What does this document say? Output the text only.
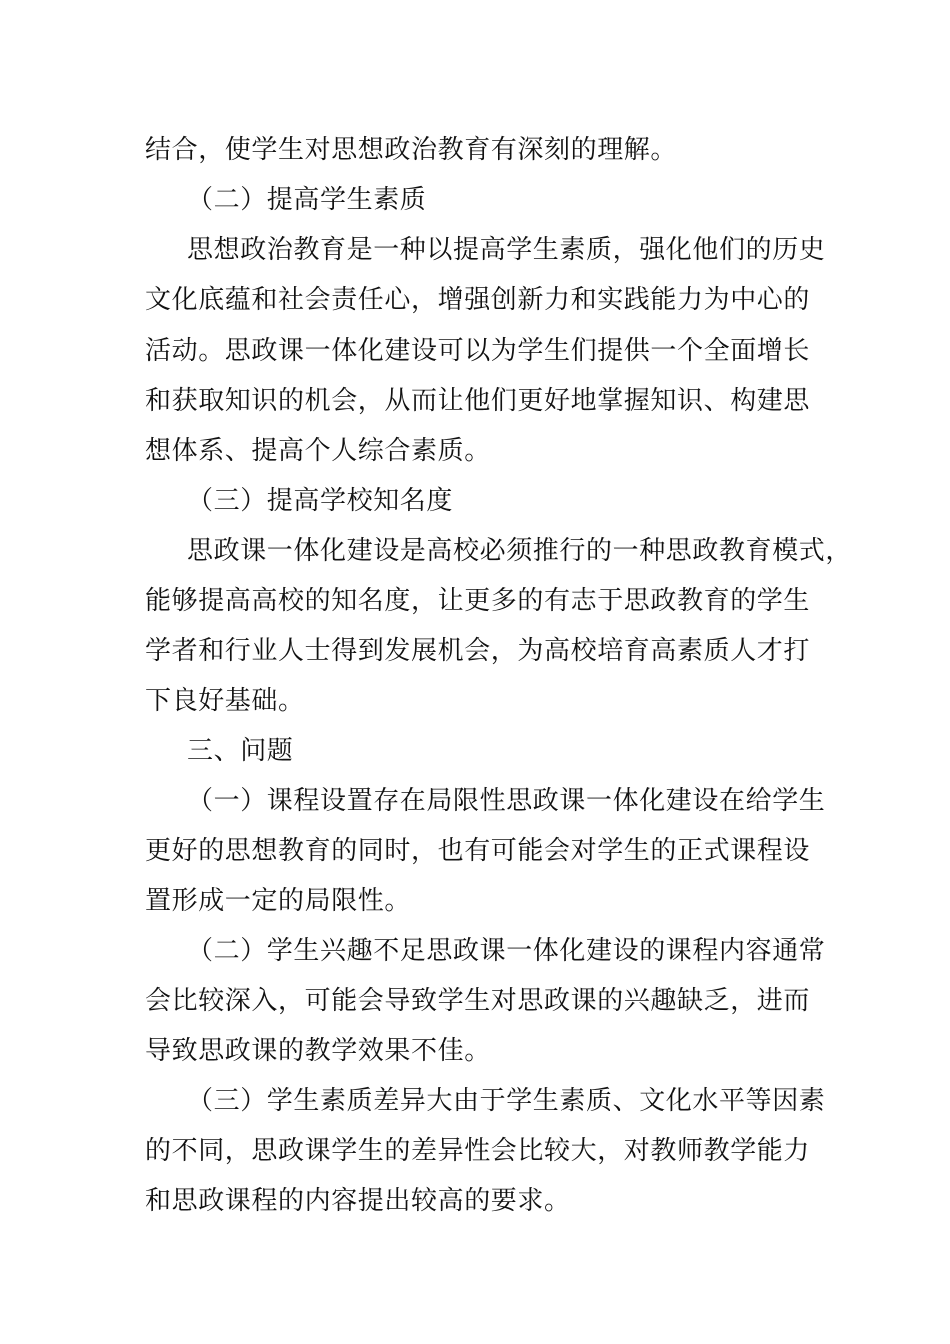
结合，使学生对思想政治教育有深刻的理解。
（二）提高学生素质
思想政治教育是一种以提高学生素质，强化他们的历史
文化底蕴和社会责任心，增强创新力和实践能力为中心的
活动。思政课一体化建设可以为学生们提供一个全面增长
和获取知识的机会，从而让他们更好地掌握知识、构建思
想体系、提高个人综合素质。
（三）提高学校知名度
思政课一体化建设是高校必须推行的一种思政教育模式，
能够提高高校的知名度，让更多的有志于思政教育的学生
学者和行业人士得到发展机会，为高校培育高素质人才打
下良好基础。
三、问题
（一）课程设置存在局限性思政课一体化建设在给学生
更好的思想教育的同时，也有可能会对学生的正式课程设
置形成一定的局限性。
（二）学生兴趣不足思政课一体化建设的课程内容通常
会比较深入，可能会导致学生对思政课的兴趣缺乏，进而
导致思政课的教学效果不佳。
（三）学生素质差异大由于学生素质、文化水平等因素
的不同，思政课学生的差异性会比较大，对教师教学能力
和思政课程的内容提出较高的要求。
